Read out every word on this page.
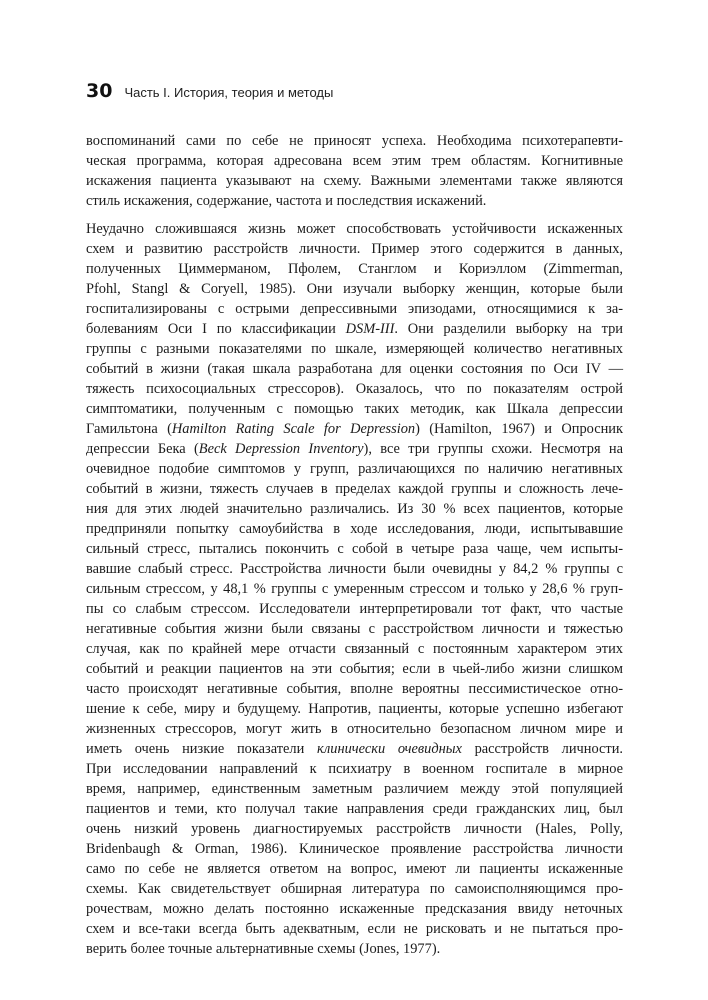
30 Часть I. История, теория и методы
воспоминаний сами по себе не приносят успеха. Необходима психотерапевти-
ческая программа, которая адресована всем этим трем областям. Когнитивные
искажения пациента указывают на схему. Важными элементами также являются
стиль искажения, содержание, частота и последствия искажений.
Неудачно сложившаяся жизнь может способствовать устойчивости искаженных
схем и развитию расстройств личности. Пример этого содержится в данных,
полученных Циммерманом, Пфолем, Станглом и Кориэллом (Zimmerman,
Pfohl, Stangl & Coryell, 1985). Они изучали выборку женщин, которые были
госпитализированы с острыми депрессивными эпизодами, относящимися к за-
болеваниям Оси I по классификации DSM-III. Они разделили выборку на три
группы с разными показателями по шкале, измеряющей количество негативных
событий в жизни (такая шкала разработана для оценки состояния по Оси IV —
тяжесть психосоциальных стрессоров). Оказалось, что по показателям острой
симптоматики, полученным с помощью таких методик, как Шкала депрессии
Гамильтона (Hamilton Rating Scale for Depression) (Hamilton, 1967) и Опросник
депрессии Бека (Beck Depression Inventory), все три группы схожи. Несмотря на
очевидное подобие симптомов у групп, различающихся по наличию негативных
событий в жизни, тяжесть случаев в пределах каждой группы и сложность лече-
ния для этих людей значительно различались. Из 30 % всех пациентов, которые
предприняли попытку самоубийства в ходе исследования, люди, испытывавшие
сильный стресс, пытались покончить с собой в четыре раза чаще, чем испыты-
вавшие слабый стресс. Расстройства личности были очевидны у 84,2 % группы с
сильным стрессом, у 48,1 % группы с умеренным стрессом и только у 28,6 % груп-
пы со слабым стрессом. Исследователи интерпретировали тот факт, что частые
негативные события жизни были связаны с расстройством личности и тяжестью
случая, как по крайней мере отчасти связанный с постоянным характером этих
событий и реакции пациентов на эти события; если в чьей-либо жизни слишком
часто происходят негативные события, вполне вероятны пессимистическое отно-
шение к себе, миру и будущему. Напротив, пациенты, которые успешно избегают
жизненных стрессоров, могут жить в относительно безопасном личном мире и
иметь очень низкие показатели клинически очевидных расстройств личности.
При исследовании направлений к психиатру в военном госпитале в мирное
время, например, единственным заметным различием между этой популяцией
пациентов и теми, кто получал такие направления среди гражданских лиц, был
очень низкий уровень диагностируемых расстройств личности (Hales, Polly,
Bridenbaugh & Orman, 1986). Клиническое проявление расстройства личности
само по себе не является ответом на вопрос, имеют ли пациенты искаженные
схемы. Как свидетельствует обширная литература по самоисполняющимся про-
рочествам, можно делать постоянно искаженные предсказания ввиду неточных
схем и все-таки всегда быть адекватным, если не рисковать и не пытаться про-
верить более точные альтернативные схемы (Jones, 1977).
